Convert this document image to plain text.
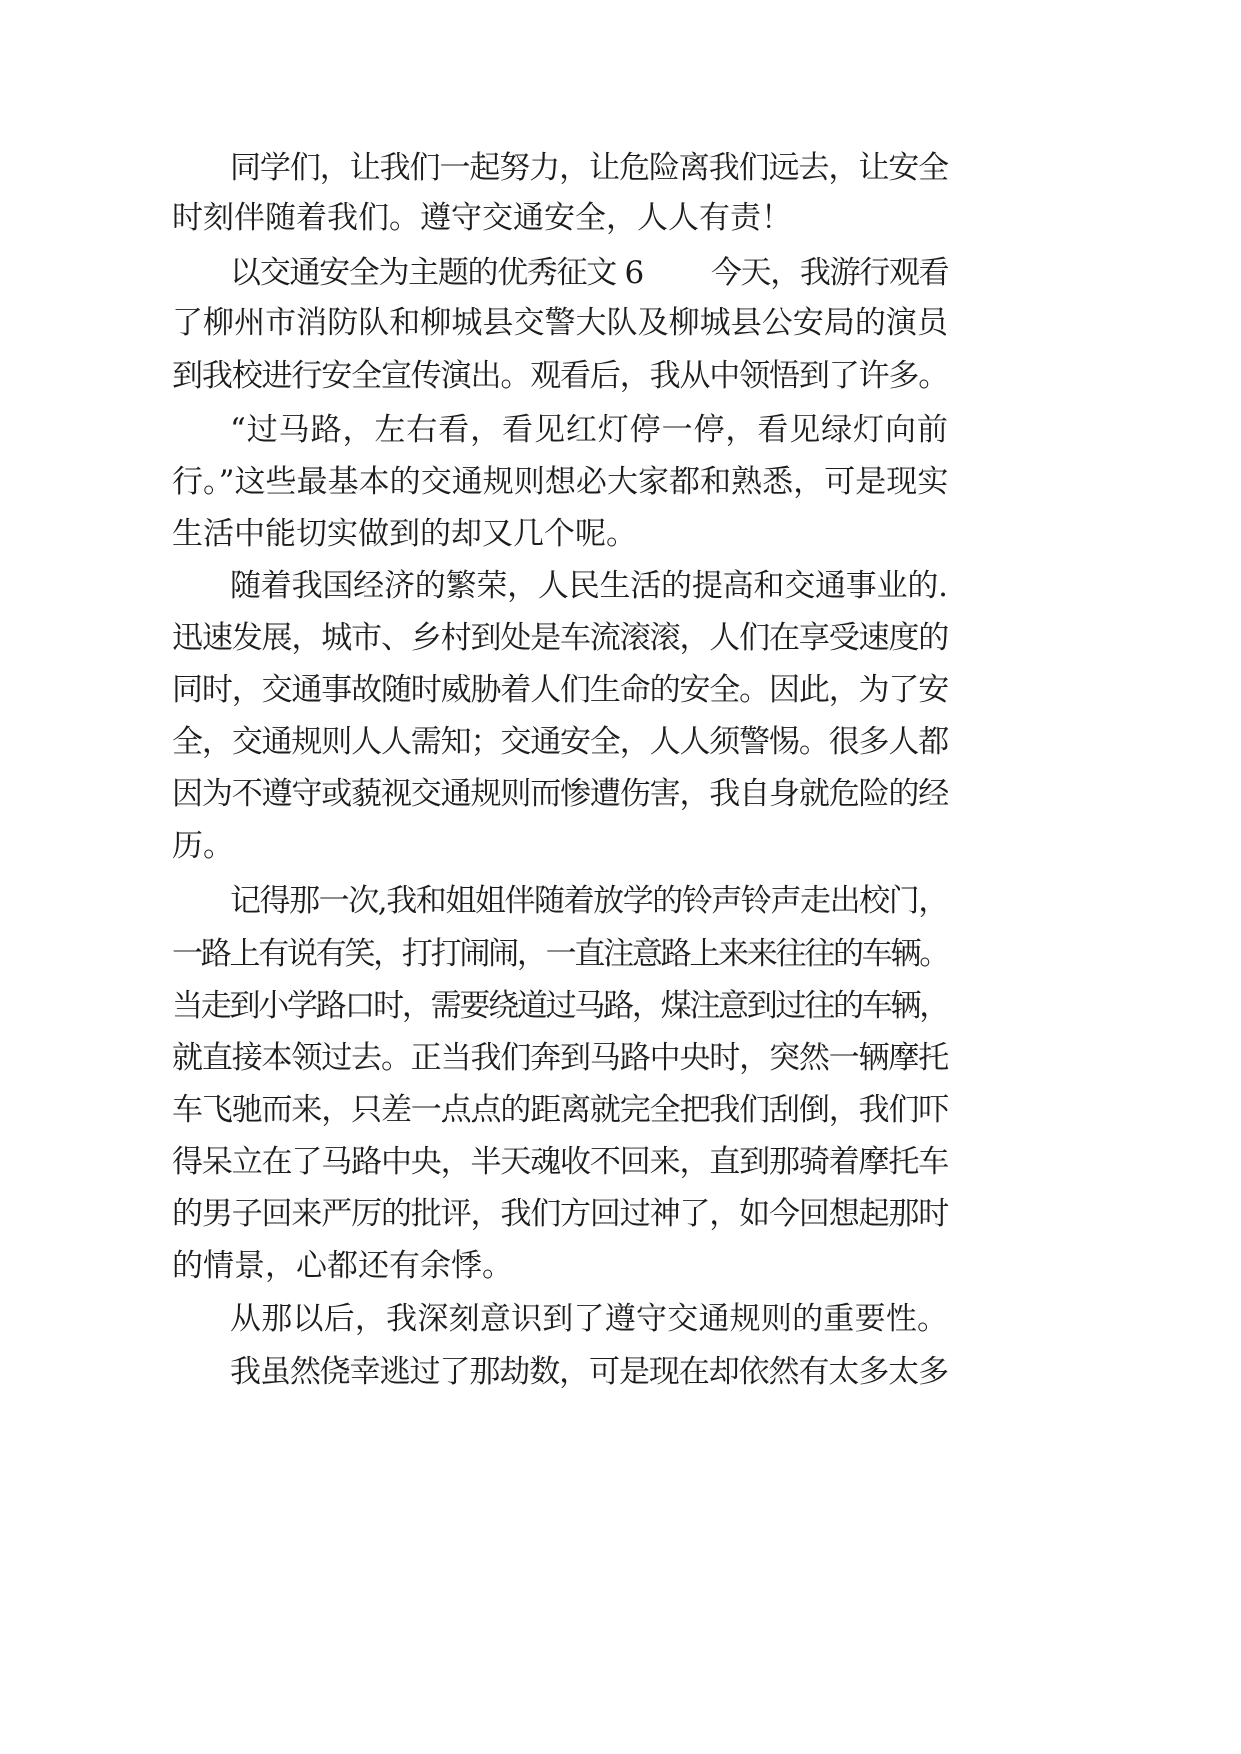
同学们，让我们一起努力，让危险离我们远去，让安全
时刻伴随着我们。遵守交通安全，人人有责！
以交通安全为主题的优秀征文 6 　　今天，我游行观看
了柳州市消防队和柳城县交警大队及柳城县公安局的演员
到我校进行安全宣传演出。观看后，我从中领悟到了许多。
“过马路，左右看，看见红灯停一停，看见绿灯向前
行。”这些最基本的交通规则想必大家都和熟悉，可是现实
生活中能切实做到的却又几个呢。
随着我国经济的繁荣，人民生活的提高和交通事业的.
迅速发展，城市、乡村到处是车流滚滚，人们在享受速度的
同时，交通事故随时威胁着人们生命的安全。因此，为了安
全，交通规则人人需知；交通安全，人人须警惕。很多人都
因为不遵守或藐视交通规则而惨遭伤害，我自身就危险的经
历。
记得那一次,我和姐姐伴随着放学的铃声铃声走出校门，
一路上有说有笑，打打闹闹，一直注意路上来来往往的车辆。
当走到小学路口时，需要绕道过马路，煤注意到过往的车辆，
就直接本领过去。正当我们奔到马路中央时，突然一辆摩托
车飞驰而来，只差一点点的距离就完全把我们刮倒，我们吓
得呆立在了马路中央，半天魂收不回来，直到那骑着摩托车
的男子回来严厉的批评，我们方回过神了，如今回想起那时
的情景，心都还有余悸。
从那以后，我深刻意识到了遵守交通规则的重要性。
我虽然侥幸逃过了那劫数，可是现在却依然有太多太多
